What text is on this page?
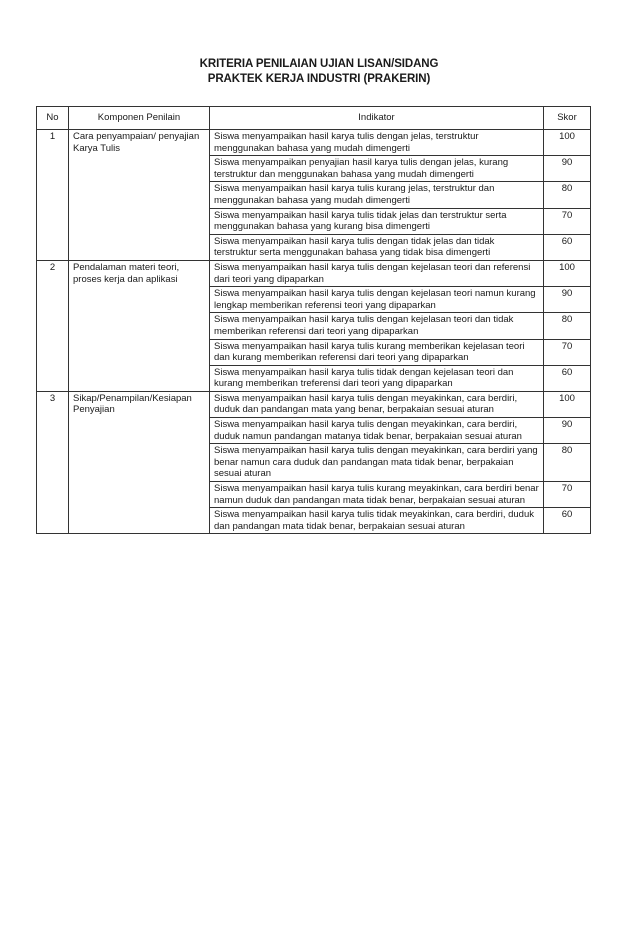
KRITERIA PENILAIAN UJIAN LISAN/SIDANG
PRAKTEK KERJA INDUSTRI (PRAKERIN)
No	Komponen Penilain	Indikator	Skor
1	Cara penyampaian/ penyajian Karya Tulis	Siswa menyampaikan hasil karya tulis dengan jelas, terstruktur menggunakan bahasa yang mudah dimengerti	100
		Siswa menyampaikan penyajian hasil karya tulis dengan jelas, kurang terstruktur dan menggunakan bahasa yang mudah dimengerti	90
		Siswa menyampaikan hasil karya tulis kurang jelas, terstruktur dan menggunakan bahasa yang mudah dimengerti	80
		Siswa menyampaikan hasil karya tulis tidak jelas dan terstruktur serta menggunakan bahasa yang kurang bisa dimengerti	70
		Siswa menyampaikan hasil karya tulis dengan tidak jelas dan tidak terstruktur serta menggunakan bahasa yang tidak bisa dimengerti	60
2	Pendalaman materi teori, proses kerja dan aplikasi	Siswa menyampaikan hasil karya tulis dengan kejelasan teori dan referensi dari teori yang dipaparkan	100
		Siswa menyampaikan hasil karya tulis dengan kejelasan teori namun kurang lengkap memberikan referensi teori yang dipaparkan	90
		Siswa menyampaikan hasil karya tulis dengan kejelasan teori dan tidak memberikan referensi dari teori yang dipaparkan	80
		Siswa menyampaikan hasil karya tulis kurang memberikan kejelasan teori dan kurang memberikan referensi dari teori yang dipaparkan	70
		Siswa menyampaikan hasil karya tulis tidak dengan kejelasan teori dan kurang memberikan treferensi dari teori yang dipaparkan	60
3	Sikap/Penampilan/Kesiapan Penyajian	Siswa menyampaikan hasil karya tulis dengan meyakinkan, cara berdiri, duduk dan pandangan mata yang benar, berpakaian sesuai aturan	100
		Siswa menyampaikan hasil karya tulis dengan meyakinkan, cara berdiri, duduk namun pandangan matanya tidak benar, berpakaian sesuai aturan	90
		Siswa menyampaikan hasil karya tulis dengan meyakinkan, cara berdiri yang benar namun cara duduk dan pandangan mata tidak benar, berpakaian sesuai aturan	80
		Siswa menyampaikan hasil karya tulis kurang meyakinkan, cara berdiri benar namun duduk dan pandangan mata tidak benar, berpakaian sesuai aturan	70
		Siswa menyampaikan hasil karya tulis tidak meyakinkan, cara berdiri, duduk dan pandangan mata tidak benar, berpakaian sesuai aturan	60
